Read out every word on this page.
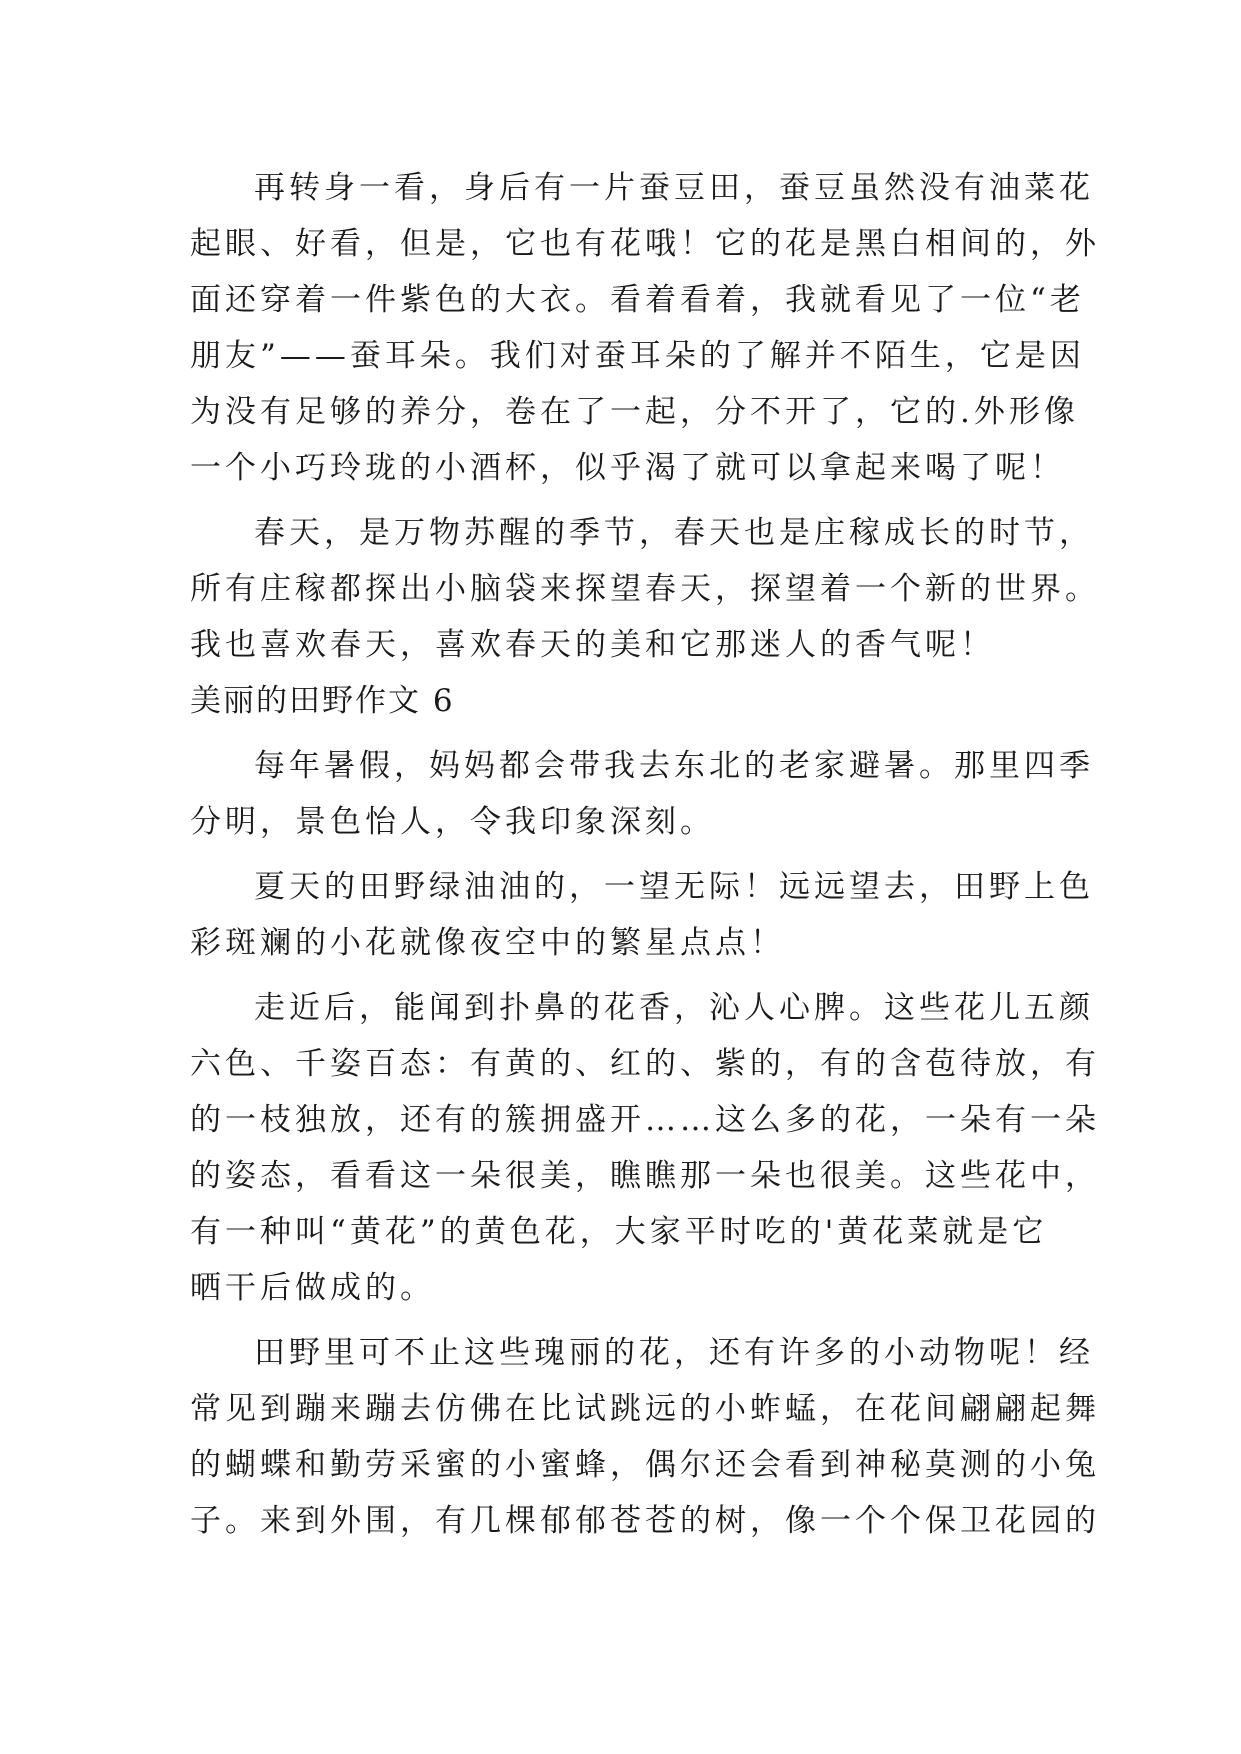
再转身一看，身后有一片蚕豆田，蚕豆虽然没有油菜花
起眼、好看，但是，它也有花哦！它的花是黑白相间的，外
面还穿着一件紫色的大衣。看着看着，我就看见了一位“老
朋友”——蚕耳朵。我们对蚕耳朵的了解并不陌生，它是因
为没有足够的养分，卷在了一起，分不开了，它的.外形像
一个小巧玲珑的小酒杯，似乎渴了就可以拿起来喝了呢！
春天，是万物苏醒的季节，春天也是庄稼成长的时节，
所有庄稼都探出小脑袋来探望春天，探望着一个新的世界。
我也喜欢春天，喜欢春天的美和它那迷人的香气呢！
美丽的田野作文 6
每年暑假，妈妈都会带我去东北的老家避暑。那里四季
分明，景色怡人，令我印象深刻。
夏天的田野绿油油的，一望无际！远远望去，田野上色
彩斑斓的小花就像夜空中的繁星点点！
走近后，能闻到扑鼻的花香，沁人心脾。这些花儿五颜
六色、千姿百态：有黄的、红的、紫的，有的含苞待放，有
的一枝独放，还有的簇拥盛开……这么多的花，一朵有一朵
的姿态，看看这一朵很美，瞧瞧那一朵也很美。这些花中，
有一种叫“黄花”的黄色花，大家平时吃的'黄花菜就是它
晒干后做成的。
田野里可不止这些瑰丽的花，还有许多的小动物呢！经
常见到蹦来蹦去仿佛在比试跳远的小蚱蜢，在花间翩翩起舞
的蝴蝶和勤劳采蜜的小蜜蜂，偶尔还会看到神秘莫测的小兔
子。来到外围，有几棵郁郁苍苍的树，像一个个保卫花园的
